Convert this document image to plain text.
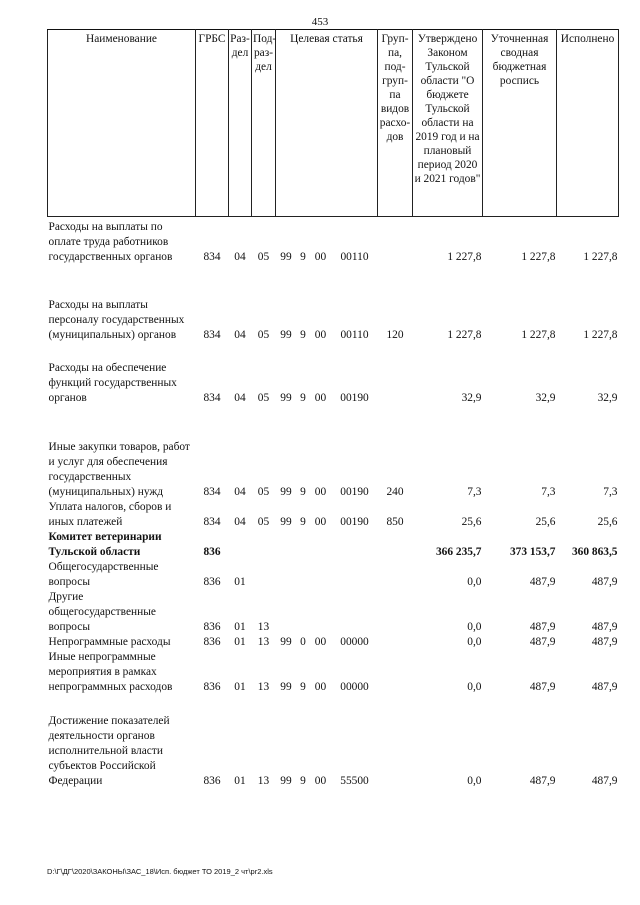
453
Наименование	ГРБС	Раз-дел	Под-раз-дел	Целевая статья				Груп-па, под-груп-па видов расхо-дов	Утверждено Законом Тульской области "О бюджете Тульской области на 2019 год и на плановый период 2020 и 2021 годов"	Уточненная сводная бюджетная роспись	Исполнено

Расходы на выплаты по оплате труда работников государственных органов	834	04	05	99	9	00	00110		1 227,8	1 227,8	1 227,8

Расходы на выплаты персоналу государственных (муниципальных) органов	834	04	05	99	9	00	00110	120	1 227,8	1 227,8	1 227,8

Расходы на обеспечение функций государственных органов	834	04	05	99	9	00	00190		32,9	32,9	32,9

Иные закупки товаров, работ и услуг для обеспечения государственных (муниципальных) нужд	834	04	05	99	9	00	00190	240	7,3	7,3	7,3
Уплата налогов, сборов и иных платежей	834	04	05	99	9	00	00190	850	25,6	25,6	25,6
Комитет ветеринарии Тульской области	836								366 235,7	373 153,7	360 863,5
Общегосударственные вопросы	836	01							0,0	487,9	487,9
Другие общегосударственные вопросы	836	01	13						0,0	487,9	487,9
Непрограммные расходы	836	01	13	99	0	00	00000		0,0	487,9	487,9
Иные непрограммные мероприятия в рамках непрограммных расходов	836	01	13	99	9	00	00000		0,0	487,9	487,9

Достижение показателей деятельности органов исполнительной власти субъектов Российской Федерации	836	01	13	99	9	00	55500		0,0	487,9	487,9
D:\Г\ДГ\2020\ЗАКОНЫ\ЗАС_18\Исп. бюджет ТО 2019_2 чт\pr2.xls
